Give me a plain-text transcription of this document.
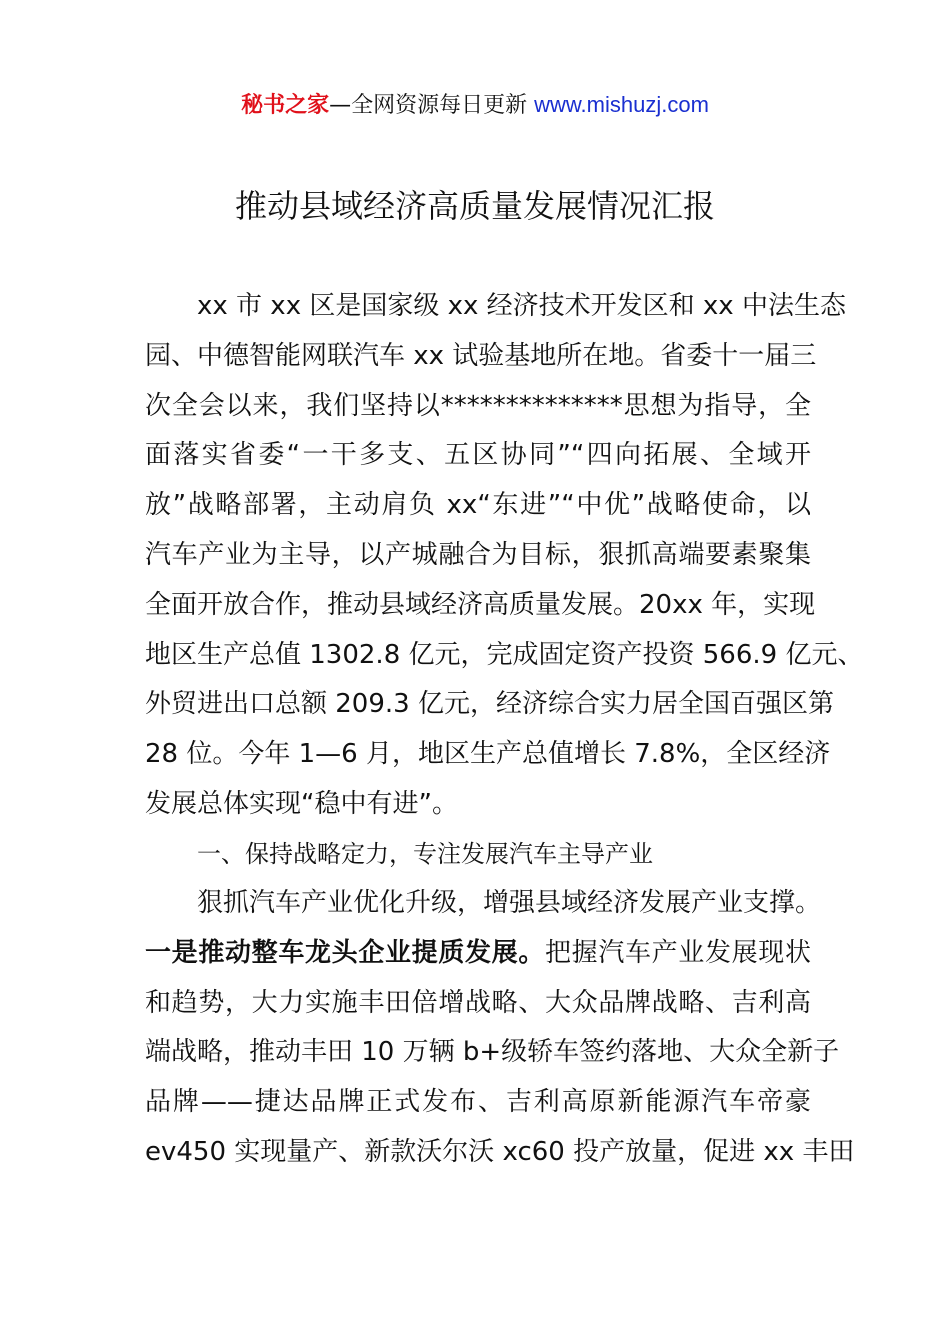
秘书之家—全网资源每日更新 www.mishuzj.com
推动县域经济高质量发展情况汇报
xx 市 xx 区是国家级 xx 经济技术开发区和 xx 中法生态
园、中德智能网联汽车 xx 试验基地所在地。省委十一届三
次全会以来，我们坚持以**************思想为指导，全
面落实省委“一干多支、五区协同”“四向拓展、全域开
放”战略部署，主动肩负 xx“东进”“中优”战略使命，以
汽车产业为主导，以产城融合为目标，狠抓高端要素聚集
全面开放合作，推动县域经济高质量发展。20xx 年，实现
地区生产总值 1302.8 亿元，完成固定资产投资 566.9 亿元、
外贸进出口总额 209.3 亿元，经济综合实力居全国百强区第
28 位。今年 1—6 月，地区生产总值增长 7.8%，全区经济
发展总体实现“稳中有进”。
一、保持战略定力，专注发展汽车主导产业
狠抓汽车产业优化升级，增强县域经济发展产业支撑。
一是推动整车龙头企业提质发展。把握汽车产业发展现状
和趋势，大力实施丰田倍增战略、大众品牌战略、吉利高
端战略，推动丰田 10 万辆 b+级轿车签约落地、大众全新子
品牌——捷达品牌正式发布、吉利高原新能源汽车帝豪
ev450 实现量产、新款沃尔沃 xc60 投产放量，促进 xx 丰田
